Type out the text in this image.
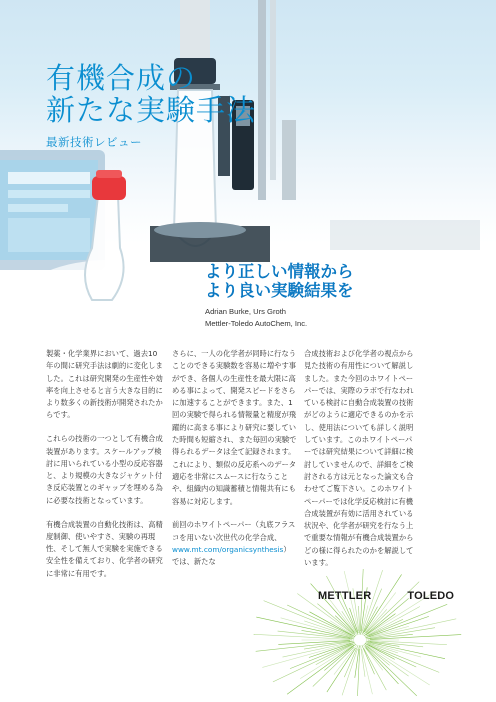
有機合成の
新たな実験手法
最新技術レビュー
より正しい情報から
より良い実験結果を
Adrian Burke, Urs Groth
Mettler-Toledo AutoChem, Inc.

製薬・化学業界において、過去10年の間に研究手法は劇的に変化しました。これは研究開発の生産性や効率を向上させると言う大きな目的により数多くの新技術が開発されたからです。

これらの技術の一つとして有機合成装置があります。スケールアップ検討に用いられている小型の反応容器と、より規模の大きなジャケット付き反応装置とのギャップを埋める為に必要な技術となっています。

有機合成装置の自動化技術は、高精度制御、使いやすさ、実験の再現性、そして無人で実験を実施できる安全性を備えており、化学者の研究に非常に有用です。

さらに、一人の化学者が同時に行なうことのできる実験数を容易に増やす事ができ、各個人の生産性を最大限に高める事によって、開発スピードをさらに加速することができます。また、1回の実験で得られる情報量と精度が飛躍的に高まる事により研究に要していた時間も短縮され、また毎回の実験で得られるデータは全て記録されます。これにより、類似の反応系へのデータ適応を非常にスムースに行なうことや、組織内の知識蓄積と情報共有にも容易に対応します。

前回のホワイトペーパー（丸底フラスコを用いない次世代の化学合成、www.mt.com/organicsynthesis）では、新たな

合成技術および化学者の視点から見た技術の有用性について解説しました。また今回のホワイトペーパーでは、実際のラボで行なわれている検討に自動合成装置の技術がどのように適応できるのかを示し、使用法についても詳しく説明しています。このホワイトペーパーでは研究結果について詳細に検討していませんので、詳細をご検討される方は元となった論文も合わせてご覧下さい。このホワイトペーパーでは化学反応検討に有機合成装置が有効に活用されている状況や、化学者が研究を行なう上で重要な情報が有機合成装置からどの様に得られたのかを解説しています。

METTLER	TOLEDO
